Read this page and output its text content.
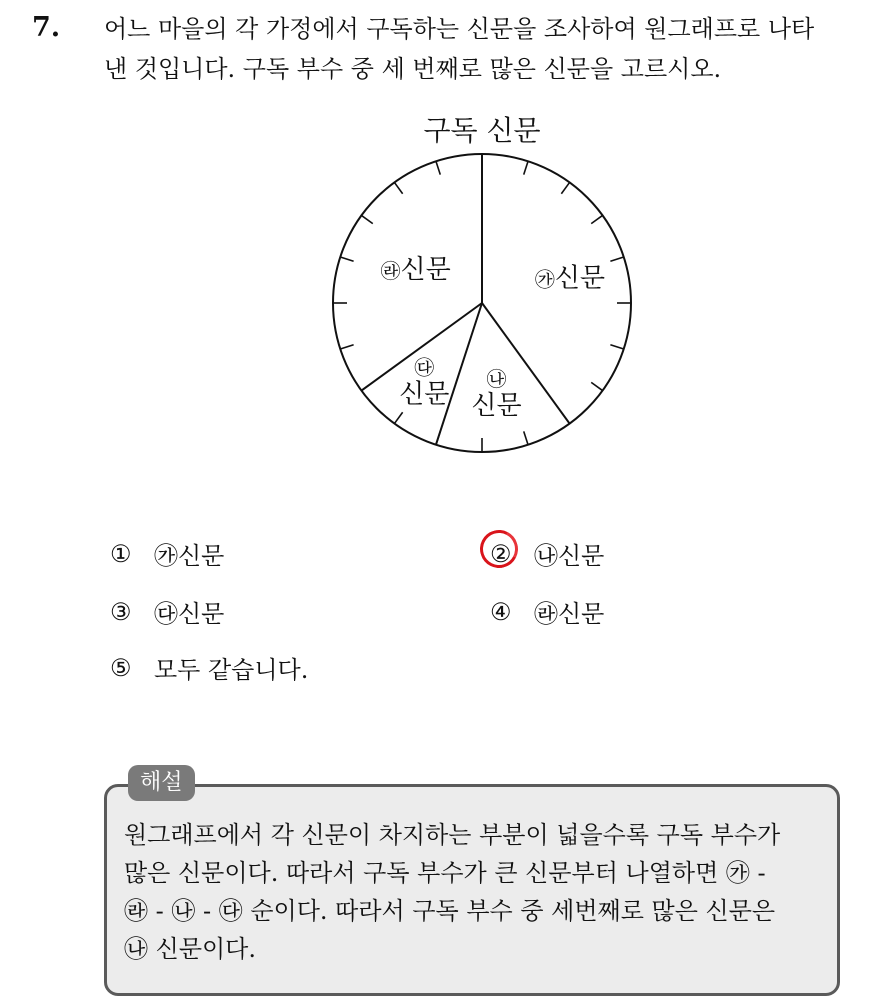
7. 어느 마을의 각 가정에서 구독하는 신문을 조사하여 원그래프로 나타
낸 것입니다. 구독 부수 중 세 번째로 많은 신문을 고르시오.
구독 신문
㉮신문
㉯
신문
㉰
신문
㉱신문
① ㉮신문	② ㉯신문
③ ㉰신문	④ ㉱신문
⑤ 모두 같습니다.
해설
원그래프에서 각 신문이 차지하는 부분이 넓을수록 구독 부수가
많은 신문이다. 따라서 구독 부수가 큰 신문부터 나열하면 ㉮ -
㉱ - ㉯ - ㉰ 순이다. 따라서 구독 부수 중 세번째로 많은 신문은
㉯ 신문이다.
